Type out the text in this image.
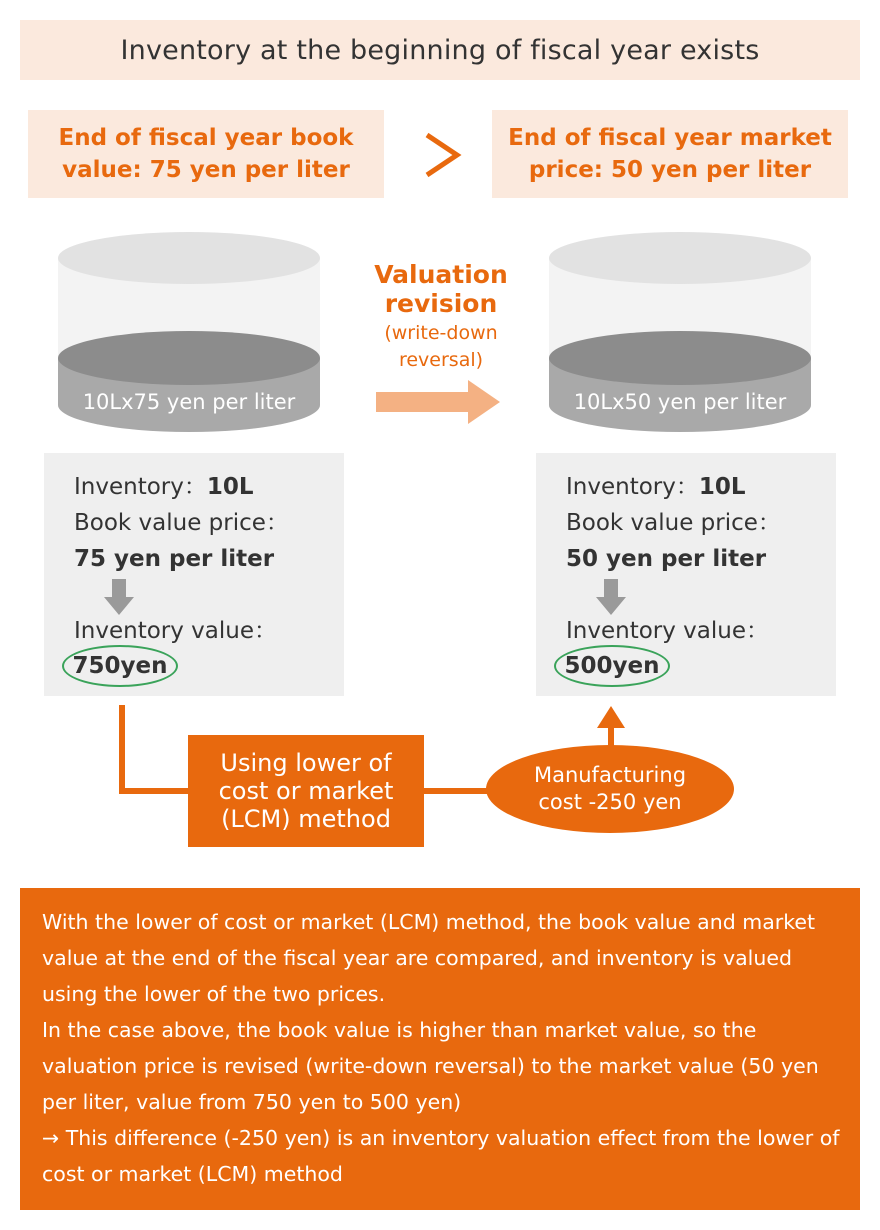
Inventory at the beginning of fiscal year exists
End of fiscal year book
value: 75 yen per liter
End of fiscal year market
price: 50 yen per liter
10Lx75 yen per liter	10Lx50 yen per liter
Valuation
revision
(write-down
reversal)
Inventory：10L
Book value price：
75 yen per liter
Inventory value：
750yen
Inventory：10L
Book value price：
50 yen per liter
Inventory value：
500yen
Using lower of
cost or market
(LCM) method
Manufacturing
cost -250 yen

With the lower of cost or market (LCM) method, the book value and market value at the end of the fiscal year are compared, and inventory is valued using the lower of the two prices.

In the case above, the book value is higher than market value, so the valuation price is revised (write-down reversal) to the market value (50 yen per liter, value from 750 yen to 500 yen)

→ This difference (-250 yen) is an inventory valuation effect from the lower of cost or market (LCM) method
